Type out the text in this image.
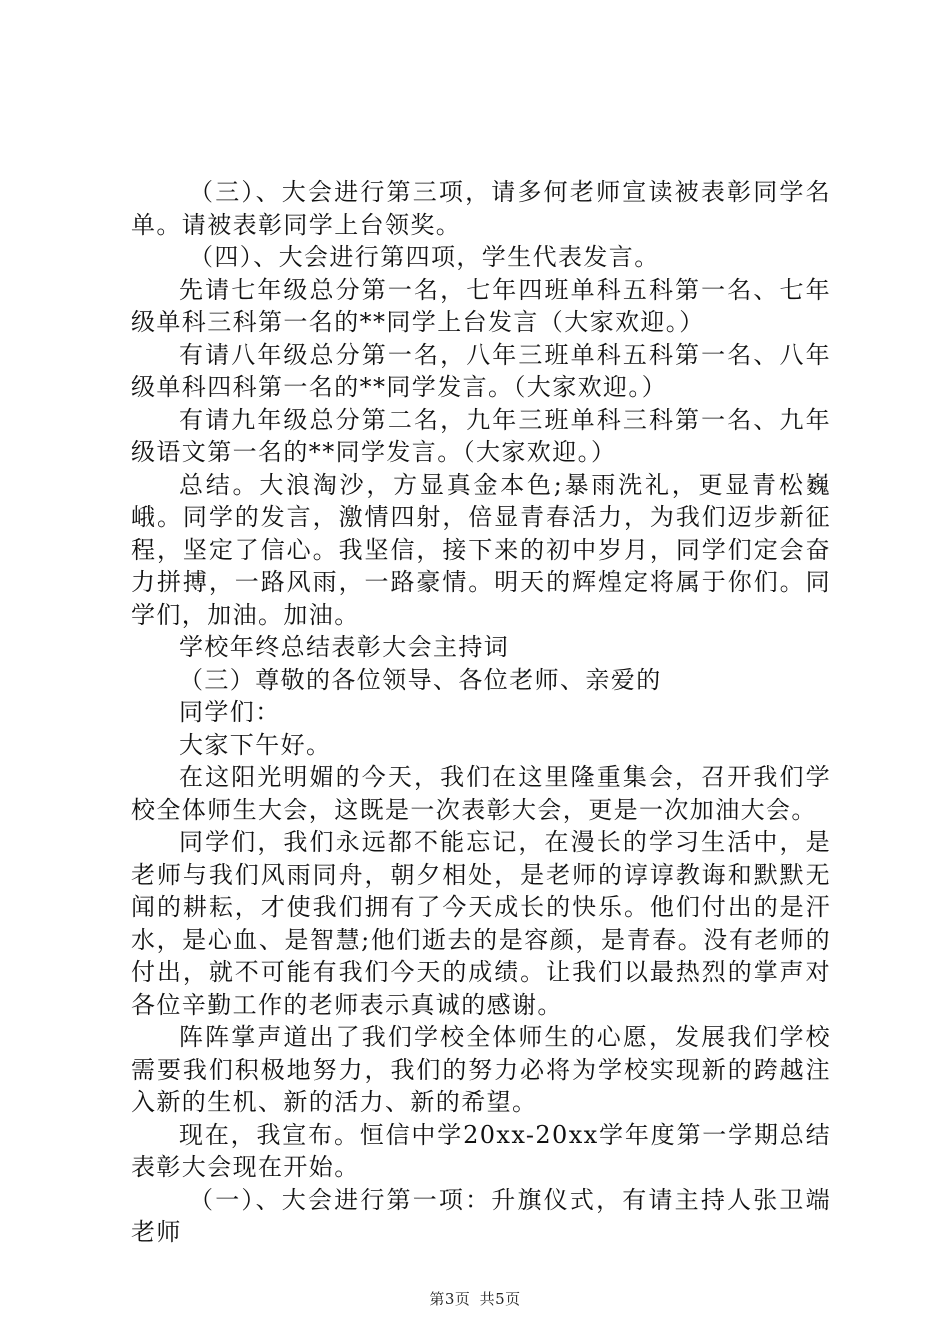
（三）、大会进行第三项，请多何老师宣读被表彰同学名单。请被表彰同学上台领奖。

（四）、大会进行第四项，学生代表发言。

先请七年级总分第一名，七年四班单科五科第一名、七年级单科三科第一名的**同学上台发言（大家欢迎。）

有请八年级总分第一名，八年三班单科五科第一名、八年级单科四科第一名的**同学发言。（大家欢迎。）

有请九年级总分第二名，九年三班单科三科第一名、九年级语文第一名的**同学发言。（大家欢迎。）

总结。大浪淘沙，方显真金本色;暴雨洗礼，更显青松巍峨。同学的发言，激情四射，倍显青春活力，为我们迈步新征程，坚定了信心。我坚信，接下来的初中岁月，同学们定会奋力拼搏，一路风雨，一路豪情。明天的辉煌定将属于你们。同学们，加油。加油。

学校年终总结表彰大会主持词

（三）尊敬的各位领导、各位老师、亲爱的

同学们：

大家下午好。

在这阳光明媚的今天，我们在这里隆重集会，召开我们学校全体师生大会，这既是一次表彰大会，更是一次加油大会。

同学们，我们永远都不能忘记，在漫长的学习生活中，是老师与我们风雨同舟，朝夕相处，是老师的谆谆教诲和默默无闻的耕耘，才使我们拥有了今天成长的快乐。他们付出的是汗水，是心血、是智慧;他们逝去的是容颜，是青春。没有老师的付出，就不可能有我们今天的成绩。让我们以最热烈的掌声对各位辛勤工作的老师表示真诚的感谢。

阵阵掌声道出了我们学校全体师生的心愿，发展我们学校需要我们积极地努力，我们的努力必将为学校实现新的跨越注入新的生机、新的活力、新的希望。

现在，我宣布。恒信中学20xx-20xx学年度第一学期总结表彰大会现在开始。

（一）、大会进行第一项：升旗仪式，有请主持人张卫端老师

第3页 共5页
